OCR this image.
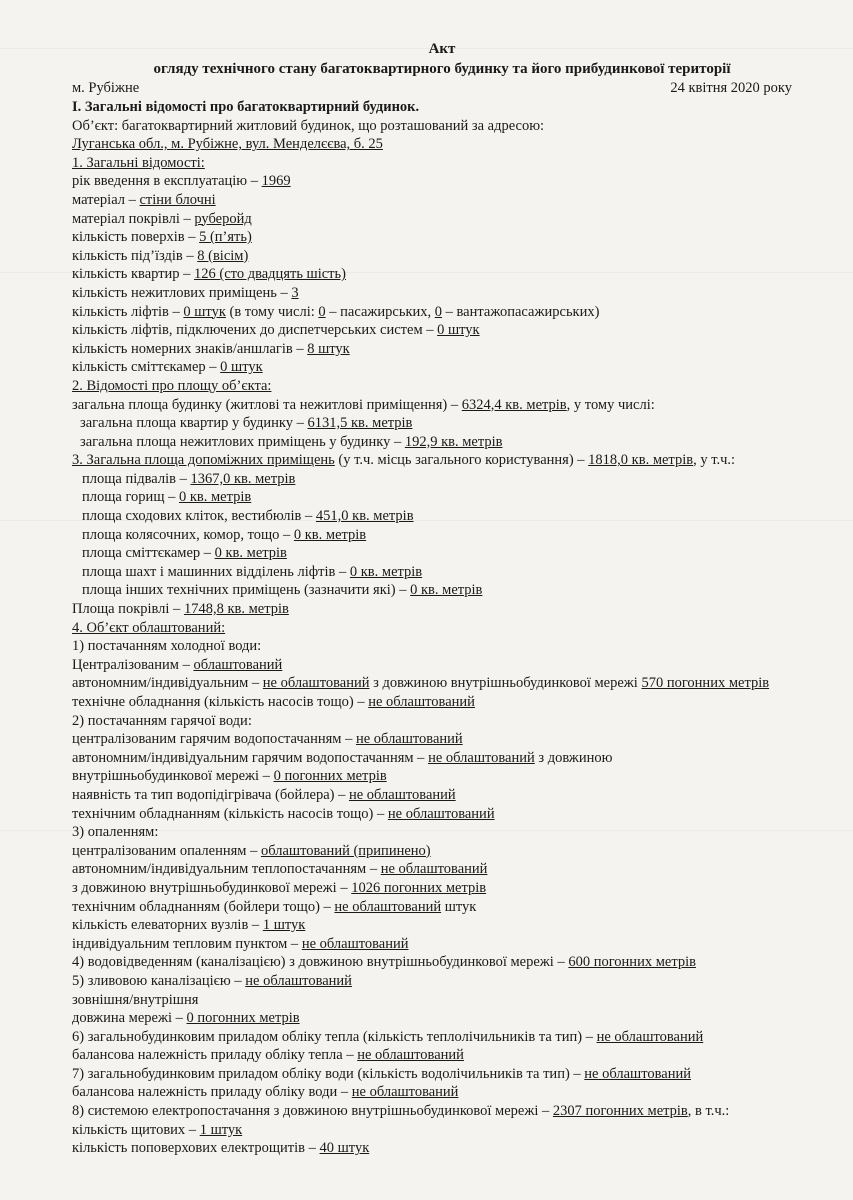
Акт
огляду технічного стану багатоквартирного будинку та його прибудинкової території
м. Рубіжне	24 квітня 2020 року
І. Загальні відомості про багатоквартирний будинок.
Об’єкт: багатоквартирний житловий будинок, що розташований за адресою:
Луганська обл., м. Рубіжне, вул. Менделєєва, б. 25
1. Загальні відомості:
рік введення в експлуатацію – 1969
матеріал – стіни блочні
матеріал покрівлі – руберойд
кількість поверхів – 5 (п’ять)
кількість під’їздів – 8 (вісім)
кількість квартир – 126 (сто двадцять шість)
кількість нежитлових приміщень – 3
кількість ліфтів – 0 штук (в тому числі: 0 – пасажирських, 0 – вантажопасажирських)
кількість ліфтів, підключених до диспетчерських систем – 0 штук
кількість номерних знаків/аншлагів – 8 штук
кількість сміттєкамер – 0 штук
2. Відомості про площу об’єкта:
загальна площа будинку (житлові та нежитлові приміщення) – 6324,4 кв. метрів, у тому числі:
загальна площа квартир у будинку – 6131,5 кв. метрів
загальна площа нежитлових приміщень у будинку – 192,9 кв. метрів
3. Загальна площа допоміжних приміщень (у т.ч. місць загального користування) – 1818,0 кв. метрів, у т.ч.:
площа підвалів – 1367,0 кв. метрів
площа горищ – 0 кв. метрів
площа сходових кліток, вестибюлів – 451,0 кв. метрів
площа колясочних, комор, тощо – 0 кв. метрів
площа сміттєкамер – 0 кв. метрів
площа шахт і машинних відділень ліфтів – 0 кв. метрів
площа інших технічних приміщень (зазначити які) – 0 кв. метрів
Площа покрівлі – 1748,8 кв. метрів
4. Об’єкт облаштований:
1) постачанням холодної води:
Централізованим – облаштований
автономним/індивідуальним – не облаштований з довжиною внутрішньобудинкової мережі 570 погонних метрів
технічне обладнання (кількість насосів тощо) – не облаштований
2) постачанням гарячої води:
централізованим гарячим водопостачанням – не облаштований
автономним/індивідуальним гарячим водопостачанням – не облаштований з довжиною
внутрішньобудинкової мережі – 0 погонних метрів
наявність та тип водопідігрівача (бойлера) – не облаштований
технічним обладнанням (кількість насосів тощо) – не облаштований
3) опаленням:
централізованим опаленням – облаштований (припинено)
автономним/індивідуальним теплопостачанням – не облаштований
з довжиною внутрішньобудинкової мережі – 1026 погонних метрів
технічним обладнанням (бойлери тощо) – не облаштований штук
кількість елеваторних вузлів – 1 штук
індивідуальним тепловим пунктом – не облаштований
4) водовідведенням (каналізацією) з довжиною внутрішньобудинкової мережі – 600 погонних метрів
5) зливовою каналізацією – не облаштований
зовнішня/внутрішня
довжина мережі – 0 погонних метрів
6) загальнобудинковим приладом обліку тепла (кількість теплолічильників та тип) – не облаштований
балансова належність приладу обліку тепла – не облаштований
7) загальнобудинковим приладом обліку води (кількість водолічильників та тип) – не облаштований
балансова належність приладу обліку води – не облаштований
8) системою електропостачання з довжиною внутрішньобудинкової мережі – 2307 погонних метрів, в т.ч.:
кількість щитових – 1 штук
кількість поповерхових електрощитів – 40 штук
